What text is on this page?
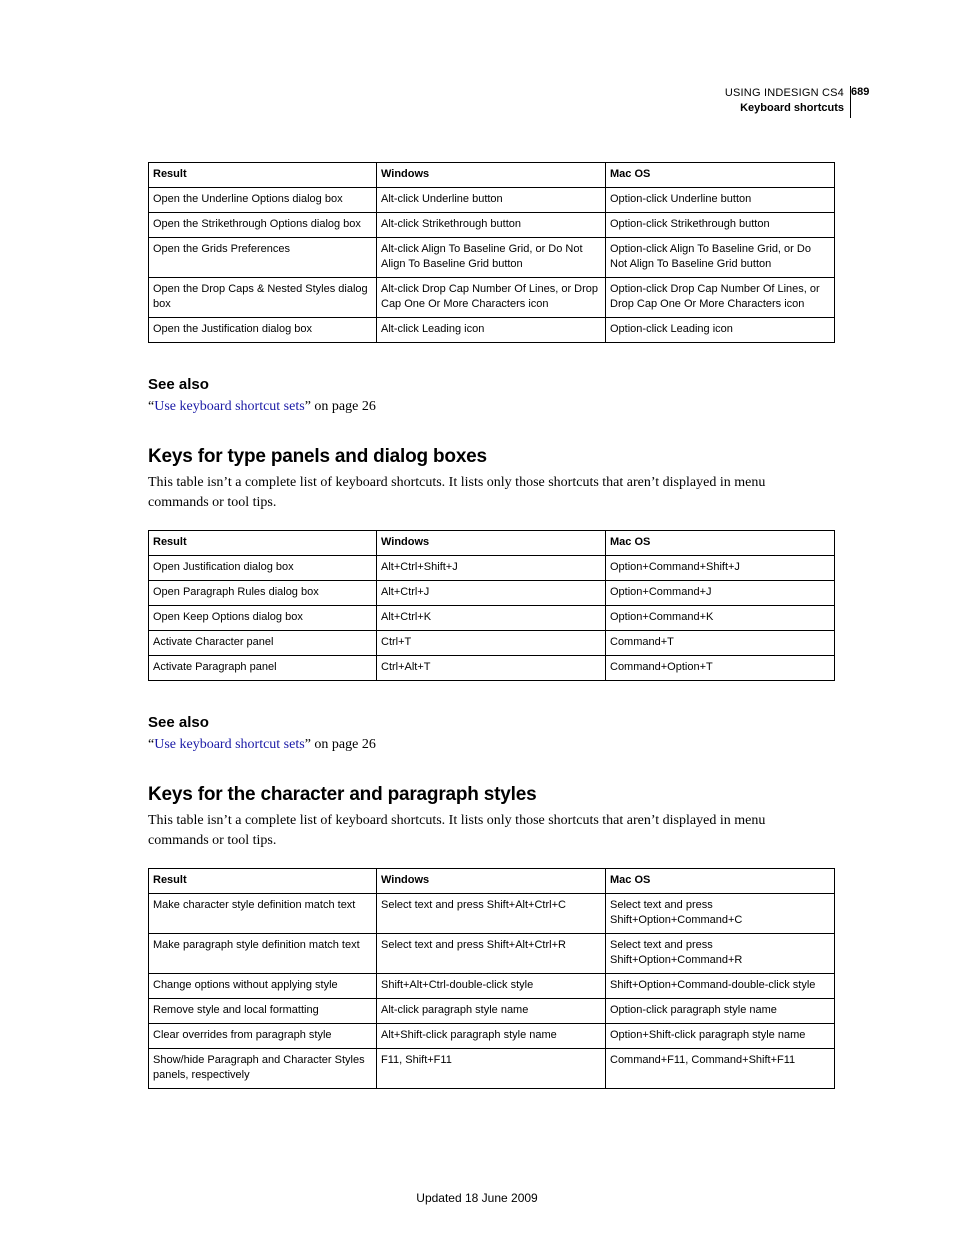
USING INDESIGN CS4
Keyboard shortcuts
689
Result	Windows	Mac OS
Open the Underline Options dialog box	Alt-click Underline button	Option-click Underline button
Open the Strikethrough Options dialog box	Alt-click Strikethrough button	Option-click Strikethrough button
Open the Grids Preferences	Alt-click Align To Baseline Grid, or Do Not Align To Baseline Grid button	Option-click Align To Baseline Grid, or Do Not Align To Baseline Grid button
Open the Drop Caps & Nested Styles dialog box	Alt-click Drop Cap Number Of Lines, or Drop Cap One Or More Characters icon	Option-click Drop Cap Number Of Lines, or Drop Cap One Or More Characters icon
Open the Justification dialog box	Alt-click Leading icon	Option-click Leading icon
See also
“Use keyboard shortcut sets” on page 26
Keys for type panels and dialog boxes
This table isn’t a complete list of keyboard shortcuts. It lists only those shortcuts that aren’t displayed in menu commands or tool tips.
Result	Windows	Mac OS
Open Justification dialog box	Alt+Ctrl+Shift+J	Option+Command+Shift+J
Open Paragraph Rules dialog box	Alt+Ctrl+J	Option+Command+J
Open Keep Options dialog box	Alt+Ctrl+K	Option+Command+K
Activate Character panel	Ctrl+T	Command+T
Activate Paragraph panel	Ctrl+Alt+T	Command+Option+T
See also
“Use keyboard shortcut sets” on page 26
Keys for the character and paragraph styles
This table isn’t a complete list of keyboard shortcuts. It lists only those shortcuts that aren’t displayed in menu commands or tool tips.
Result	Windows	Mac OS
Make character style definition match text	Select text and press Shift+Alt+Ctrl+C	Select text and press Shift+Option+Command+C
Make paragraph style definition match text	Select text and press Shift+Alt+Ctrl+R	Select text and press Shift+Option+Command+R
Change options without applying style	Shift+Alt+Ctrl-double-click style	Shift+Option+Command-double-click style
Remove style and local formatting	Alt-click paragraph style name	Option-click paragraph style name
Clear overrides from paragraph style	Alt+Shift-click paragraph style name	Option+Shift-click paragraph style name
Show/hide Paragraph and Character Styles panels, respectively	F11, Shift+F11	Command+F11, Command+Shift+F11
Updated 18 June 2009
